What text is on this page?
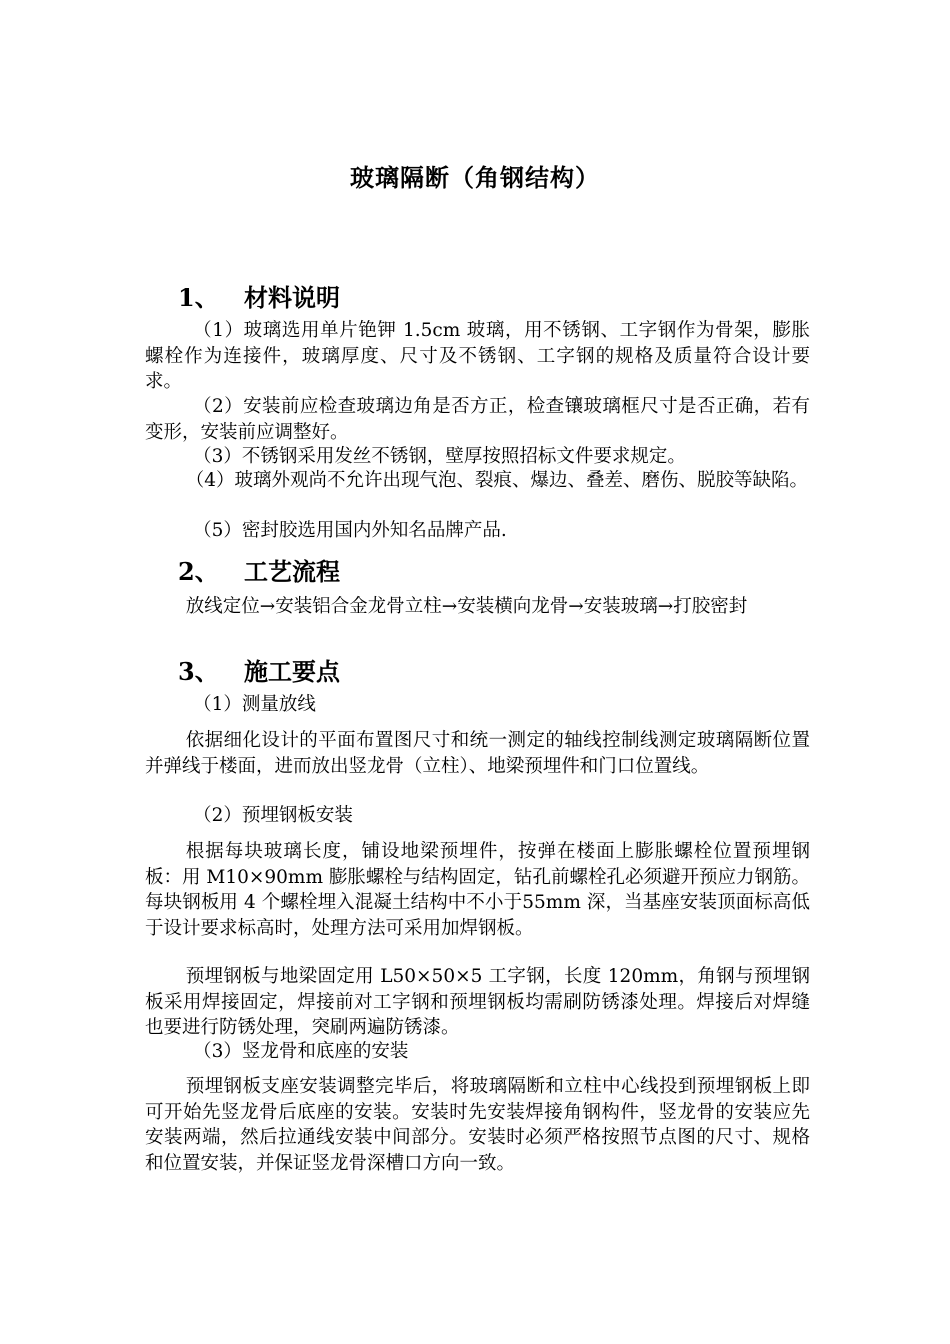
玻璃隔断（角钢结构）
1、 材料说明

（1）玻璃选用单片铯钾 1.5cm 玻璃，用不锈钢、工字钢作为骨架，膨胀螺栓作为连接件，玻璃厚度、尺寸及不锈钢、工字钢的规格及质量符合设计要求。

（2）安装前应检查玻璃边角是否方正，检查镶玻璃框尺寸是否正确，若有变形，安装前应调整好。

（3）不锈钢采用发丝不锈钢，壁厚按照招标文件要求规定。

（4）玻璃外观尚不允许出现气泡、裂痕、爆边、叠差、磨伤、脱胶等缺陷。

（5）密封胶选用国内外知名品牌产品.

2、 工艺流程

放线定位→安装铝合金龙骨立柱→安装横向龙骨→安装玻璃→打胶密封

3、 施工要点

（1）测量放线

依据细化设计的平面布置图尺寸和统一测定的轴线控制线测定玻璃隔断位置并弹线于楼面，进而放出竖龙骨（立柱）、地梁预埋件和门口位置线。

（2）预埋钢板安装

根据每块玻璃长度，铺设地梁预埋件，按弹在楼面上膨胀螺栓位置预埋钢板：用 M10×90mm 膨胀螺栓与结构固定，钻孔前螺栓孔必须避开预应力钢筋。每块钢板用 4 个螺栓埋入混凝土结构中不小于55mm 深，当基座安装顶面标高低于设计要求标高时，处理方法可采用加焊钢板。

预埋钢板与地梁固定用 L50×50×5 工字钢，长度 120mm，角钢与预埋钢板采用焊接固定，焊接前对工字钢和预埋钢板均需刷防锈漆处理。焊接后对焊缝也要进行防锈处理，突刷两遍防锈漆。

（3）竖龙骨和底座的安装

预埋钢板支座安装调整完毕后，将玻璃隔断和立柱中心线投到预埋钢板上即可开始先竖龙骨后底座的安装。安装时先安装焊接角钢构件，竖龙骨的安装应先安装两端，然后拉通线安装中间部分。安装时必须严格按照节点图的尺寸、规格和位置安装，并保证竖龙骨深槽口方向一致。
